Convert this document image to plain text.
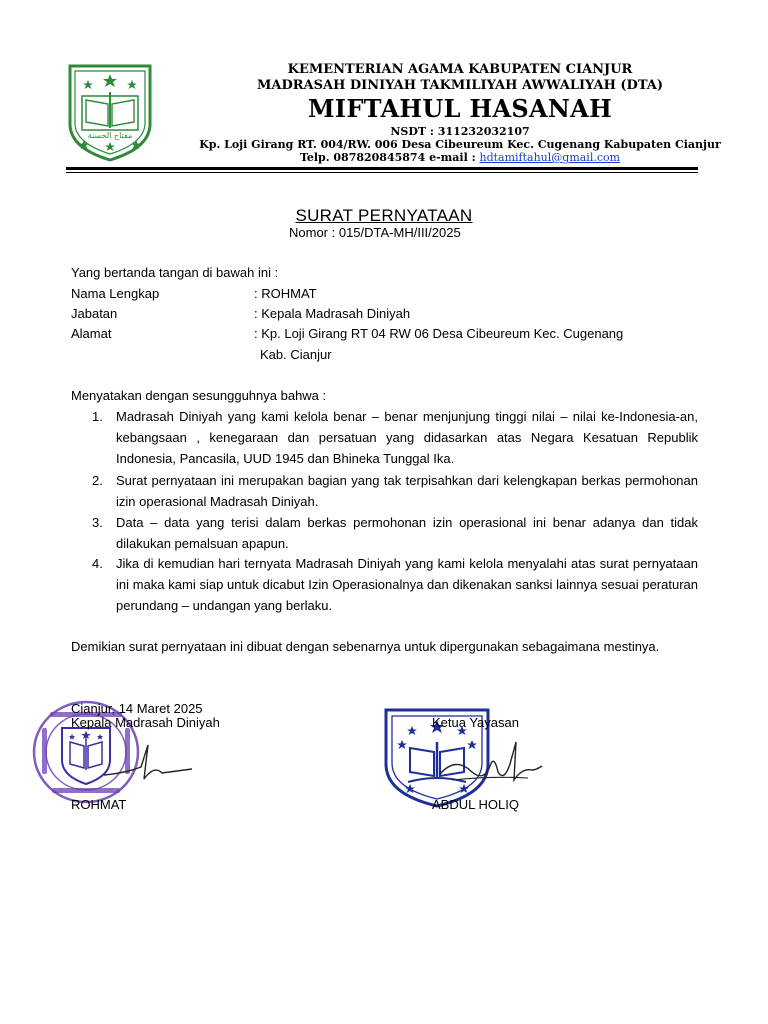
مفتاح الحسنة
KEMENTERIAN AGAMA KABUPATEN CIANJUR
MADRASAH DINIYAH TAKMILIYAH AWWALIYAH (DTA)
MIFTAHUL HASANAH
NSDT : 311232032107
Kp. Loji Girang RT. 004/RW. 006 Desa Cibeureum Kec. Cugenang Kabupaten Cianjur
Telp. 087820845874 e-mail : hdtamiftahul@gmail.com
SURAT PERNYATAAN
Nomor : 015/DTA-MH/III/2025
Yang bertanda tangan di bawah ini :
Nama Lengkap	: ROHMAT
Jabatan	: Kepala Madrasah Diniyah
Alamat	: Kp. Loji Girang RT 04 RW 06 Desa Cibeureum Kec. Cugenang
Kab. Cianjur
Menyatakan dengan sesungguhnya bahwa :
1. Madrasah Diniyah yang kami kelola benar – benar menjunjung tinggi nilai – nilai ke-Indonesia-an, kebangsaan , kenegaraan dan persatuan yang didasarkan atas Negara Kesatuan Republik Indonesia, Pancasila, UUD 1945 dan Bhineka Tunggal Ika.
2. Surat pernyataan ini merupakan bagian yang tak terpisahkan dari kelengkapan berkas permohonan izin operasional Madrasah Diniyah.
3. Data – data yang terisi dalam berkas permohonan izin operasional ini benar adanya dan tidak dilakukan pemalsuan apapun.
4. Jika di kemudian hari ternyata Madrasah Diniyah yang kami kelola menyalahi atas surat pernyataan ini maka kami siap untuk dicabut Izin Operasionalnya dan dikenakan sanksi lainnya sesuai peraturan perundang – undangan yang berlaku.
Demikian surat pernyataan ini dibuat dengan sebenarnya untuk dipergunakan sebagaimana mestinya.
Cianjur, 14 Maret 2025
Kepala Madrasah Diniyah
ROHMAT
Ketua Yayasan
ABDUL HOLIQ
